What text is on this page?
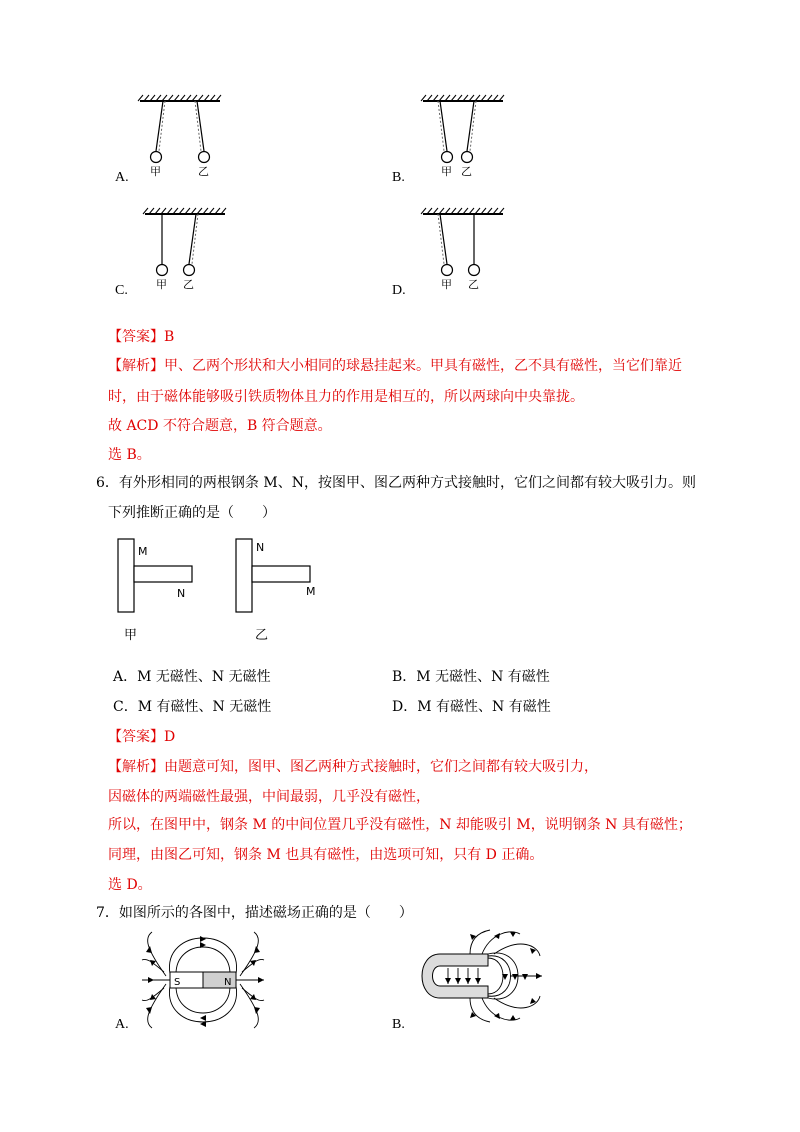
甲	乙
A.	甲 乙
B.
甲 乙
C.	甲 乙
D.
【答案】B
【解析】甲、乙两个形状和大小相同的球悬挂起来。甲具有磁性，乙不具有磁性，当它们靠近
时，由于磁体能够吸引铁质物体且力的作用是相互的，所以两球向中央靠拢。
故 ACD 不符合题意，B 符合题意。
选 B。
6．有外形相同的两根钢条 M、N，按图甲、图乙两种方式接触时，它们之间都有较大吸引力。则
下列推断正确的是（　　）
M
N
甲
N
M
乙
A．M 无磁性、N 无磁性	B．M 无磁性、N 有磁性
C．M 有磁性、N 无磁性	D．M 有磁性、N 有磁性
【答案】D
【解析】由题意可知，图甲、图乙两种方式接触时，它们之间都有较大吸引力，
因磁体的两端磁性最强，中间最弱，几乎没有磁性，
所以，在图甲中，钢条 M 的中间位置几乎没有磁性，N 却能吸引 M，说明钢条 N 具有磁性；
同理，由图乙可知，钢条 M 也具有磁性，由选项可知，只有 D 正确。
选 D。
7．如图所示的各图中，描述磁场正确的是（　　）
S	N
A.	B.
